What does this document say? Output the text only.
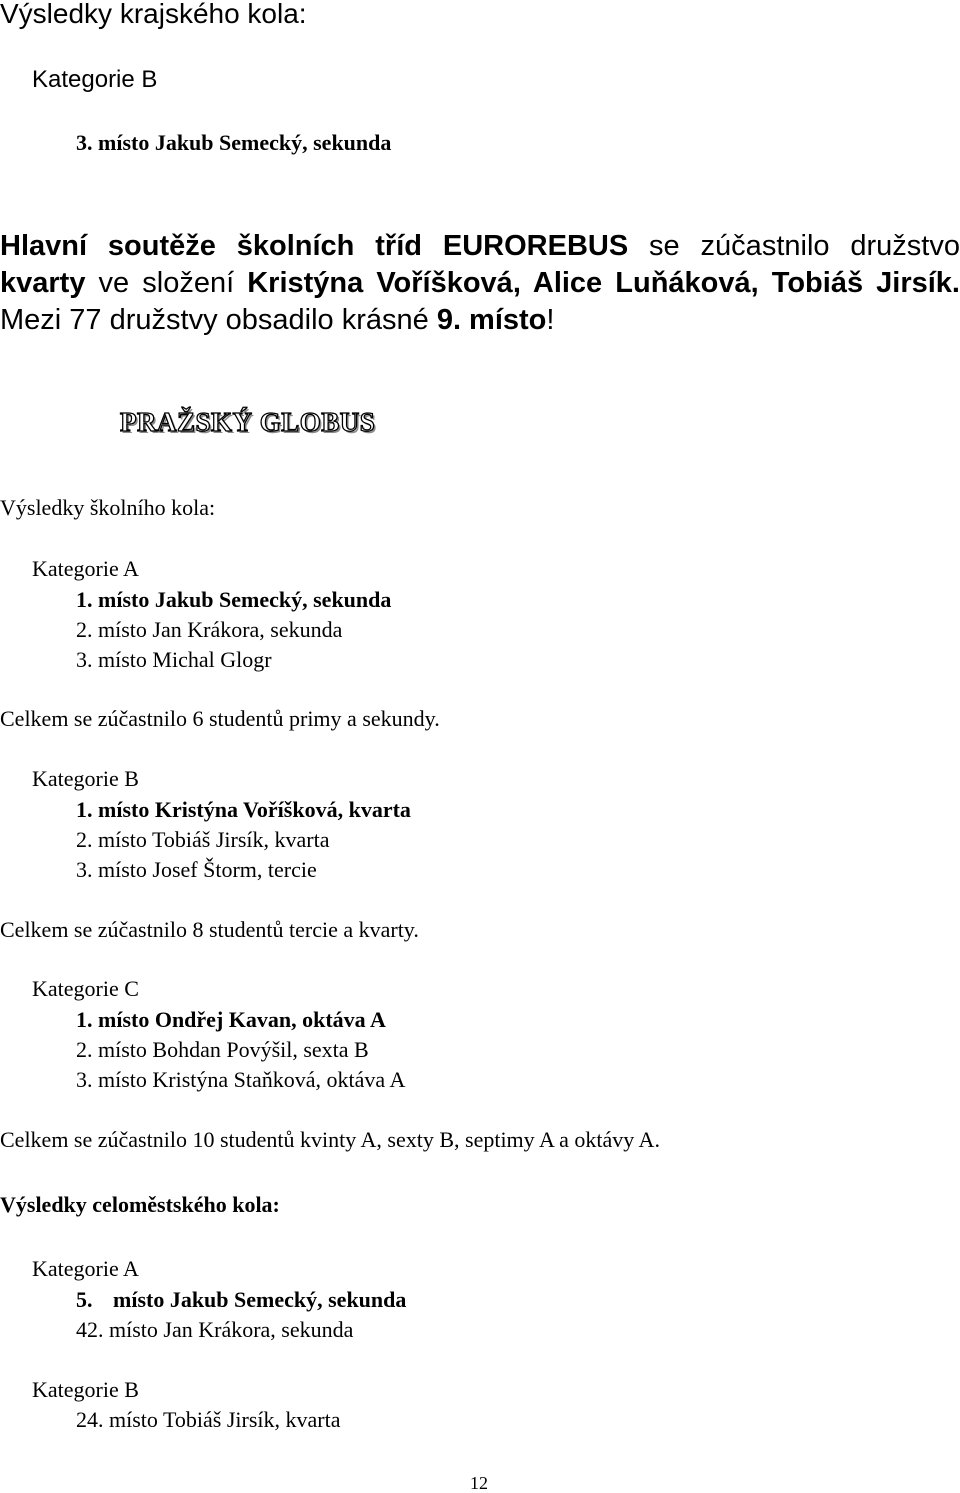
Výsledky krajského kola:
Kategorie B
3. místo Jakub Semecký, sekunda
Hlavní soutěže školních tříd EUROREBUS se zúčastnilo družstvo kvarty ve složení Kristýna Voříšková, Alice Luňáková, Tobiáš Jirsík. Mezi 77 družstvy obsadilo krásné 9. místo!
PRAŽSKÝ GLOBUS
Výsledky školního kola:
Kategorie A
1. místo Jakub Semecký, sekunda
2. místo Jan Krákora, sekunda
3. místo Michal Glogr
Celkem se zúčastnilo 6 studentů primy a sekundy.
Kategorie B
1. místo Kristýna Voříšková, kvarta
2. místo Tobiáš Jirsík, kvarta
3. místo Josef Štorm, tercie
Celkem se zúčastnilo 8 studentů tercie a kvarty.
Kategorie C
1. místo Ondřej Kavan, oktáva A
2. místo Bohdan Povýšil, sexta B
3. místo Kristýna Staňková, oktáva A
Celkem se zúčastnilo 10 studentů kvinty A, sexty B, septimy A a oktávy A.
Výsledky celoměstského kola:
Kategorie A
5. místo Jakub Semecký, sekunda
42. místo Jan Krákora, sekunda
Kategorie B
24. místo Tobiáš Jirsík, kvarta
12
